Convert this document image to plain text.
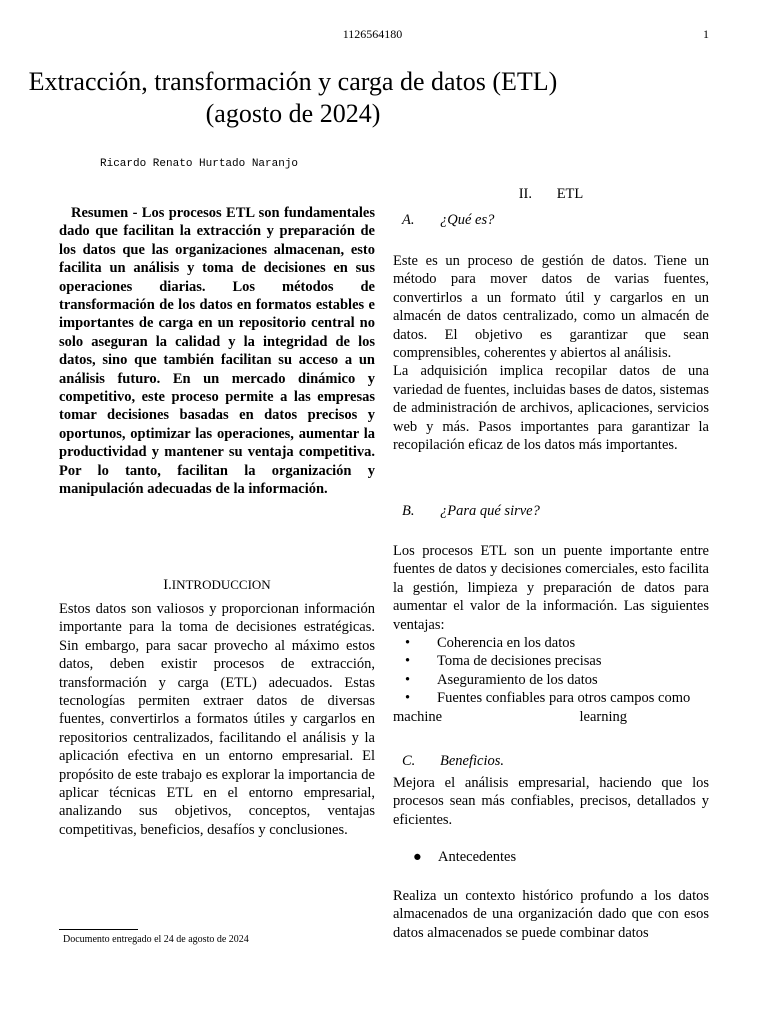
1126564180	1
Extracción, transformación y carga de datos (ETL)
(agosto de 2024)
Ricardo Renato Hurtado Naranjo
Resumen - Los procesos ETL son fundamentales dado que facilitan la extracción y preparación de los datos que las organizaciones almacenan, esto facilita un análisis y toma de decisiones en sus operaciones diarias. Los métodos de transformación de los datos en formatos estables e importantes de carga en un repositorio central no solo aseguran la calidad y la integridad de los datos, sino que también facilitan su acceso a un análisis futuro. En un mercado dinámico y competitivo, este proceso permite a las empresas tomar decisiones basadas en datos precisos y oportunos, optimizar las operaciones, aumentar la productividad y mantener su ventaja competitiva. Por lo tanto, facilitan la organización y manipulación adecuadas de la información.
I.INTRODUCCION
Estos datos son valiosos y proporcionan información importante para la toma de decisiones estratégicas. Sin embargo, para sacar provecho al máximo estos datos, deben existir procesos de extracción, transformación y carga (ETL) adecuados. Estas tecnologías permiten extraer datos de diversas fuentes, convertirlos a formatos útiles y cargarlos en repositorios centralizados, facilitando el análisis y la aplicación efectiva en un entorno empresarial. El propósito de este trabajo es explorar la importancia de aplicar técnicas ETL en el entorno empresarial, analizando sus objetivos, conceptos, ventajas competitivas, beneficios, desafíos y conclusiones.
Documento entregado el 24 de agosto de 2024
II. ETL
A. ¿Qué es?
Este es un proceso de gestión de datos. Tiene un método para mover datos de varias fuentes, convertirlos a un formato útil y cargarlos en un almacén de datos centralizado, como un almacén de datos. El objetivo es garantizar que sean comprensibles, coherentes y abiertos al análisis.
La adquisición implica recopilar datos de una variedad de fuentes, incluidas bases de datos, sistemas de administración de archivos, aplicaciones, servicios web y más. Pasos importantes para garantizar la recopilación eficaz de los datos más importantes.
B. ¿Para qué sirve?
Los procesos ETL son un puente importante entre fuentes de datos y decisiones comerciales, esto facilita la gestión, limpieza y preparación de datos para aumentar el valor de la información. Las siguientes ventajas:
•	Coherencia en los datos
•	Toma de decisiones precisas
•	Aseguramiento de los datos
•	Fuentes confiables para otros campos como
machine	learning
C. Beneficios.
Mejora el análisis empresarial, haciendo que los procesos sean más confiables, precisos, detallados y eficientes.
●	Antecedentes
Realiza un contexto histórico profundo a los datos almacenados de una organización dado que con esos datos almacenados se puede combinar datos
